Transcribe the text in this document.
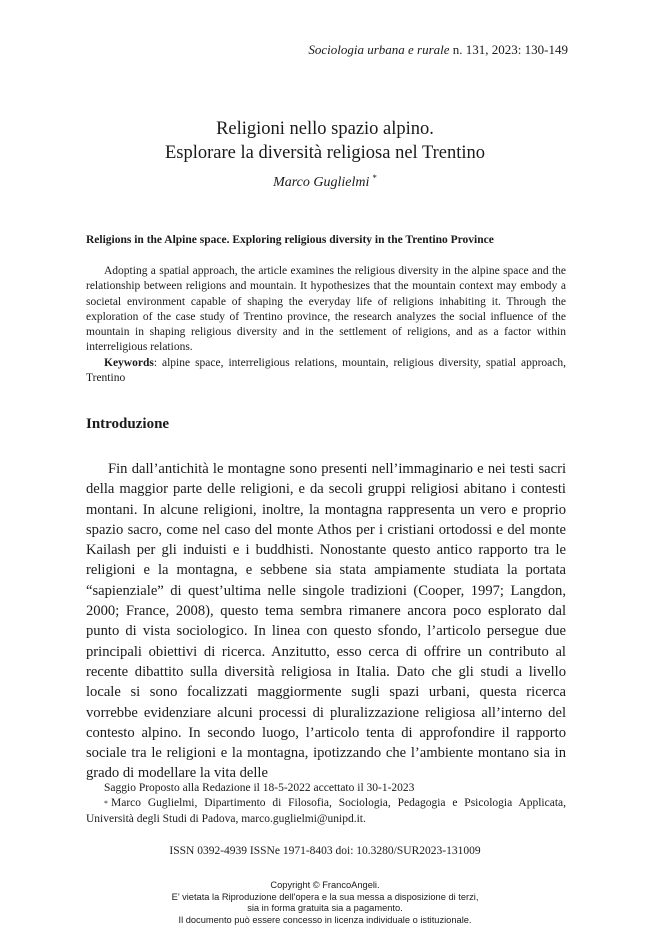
Sociologia urbana e rurale n. 131, 2023: 130-149
Religioni nello spazio alpino.
Esplorare la diversità religiosa nel Trentino
Marco Guglielmi *
Religions in the Alpine space. Exploring religious diversity in the Trentino Province

Adopting a spatial approach, the article examines the religious diversity in the alpine space and the relationship between religions and mountain. It hypothesizes that the mountain context may embody a societal environment capable of shaping the everyday life of religions inhabiting it. Through the exploration of the case study of Trentino province, the research analyzes the social influence of the mountain in shaping religious diversity and in the settlement of religions, and as a factor within interreligious relations.

Keywords: alpine space, interreligious relations, mountain, religious diversity, spatial approach, Trentino

Introduzione

Fin dall’antichità le montagne sono presenti nell’immaginario e nei testi sacri della maggior parte delle religioni, e da secoli gruppi religiosi abitano i contesti montani. In alcune religioni, inoltre, la montagna rappresenta un vero e proprio spazio sacro, come nel caso del monte Athos per i cristiani ortodossi e del monte Kailash per gli induisti e i buddhisti. Nonostante questo antico rapporto tra le religioni e la montagna, e sebbene sia stata ampiamente studiata la portata “sapienziale” di quest’ultima nelle singole tradizioni (Cooper, 1997; Langdon, 2000; France, 2008), questo tema sembra rimanere ancora poco esplorato dal punto di vista sociologico. In linea con questo sfondo, l’articolo persegue due principali obiettivi di ricerca. Anzitutto, esso cerca di offrire un contributo al recente dibattito sulla diversità religiosa in Italia. Dato che gli studi a livello locale si sono focalizzati maggiormente sugli spazi urbani, questa ricerca vorrebbe evidenziare alcuni processi di pluralizzazione religiosa all’interno del contesto alpino. In secondo luogo, l’articolo tenta di approfondire il rapporto sociale tra le religioni e la montagna, ipotizzando che l’ambiente montano sia in grado di modellare la vita delle

Saggio Proposto alla Redazione il 18-5-2022 accettato il 30-1-2023

* Marco Guglielmi, Dipartimento di Filosofia, Sociologia, Pedagogia e Psicologia Applicata, Università degli Studi di Padova, marco.guglielmi@unipd.it.

ISSN 0392-4939 ISSNe 1971-8403 doi: 10.3280/SUR2023-131009
Copyright © FrancoAngeli.
E’ vietata la Riproduzione dell'opera e la sua messa a disposizione di terzi,
sia in forma gratuita sia a pagamento.
Il documento può essere concesso in licenza individuale o istituzionale.
